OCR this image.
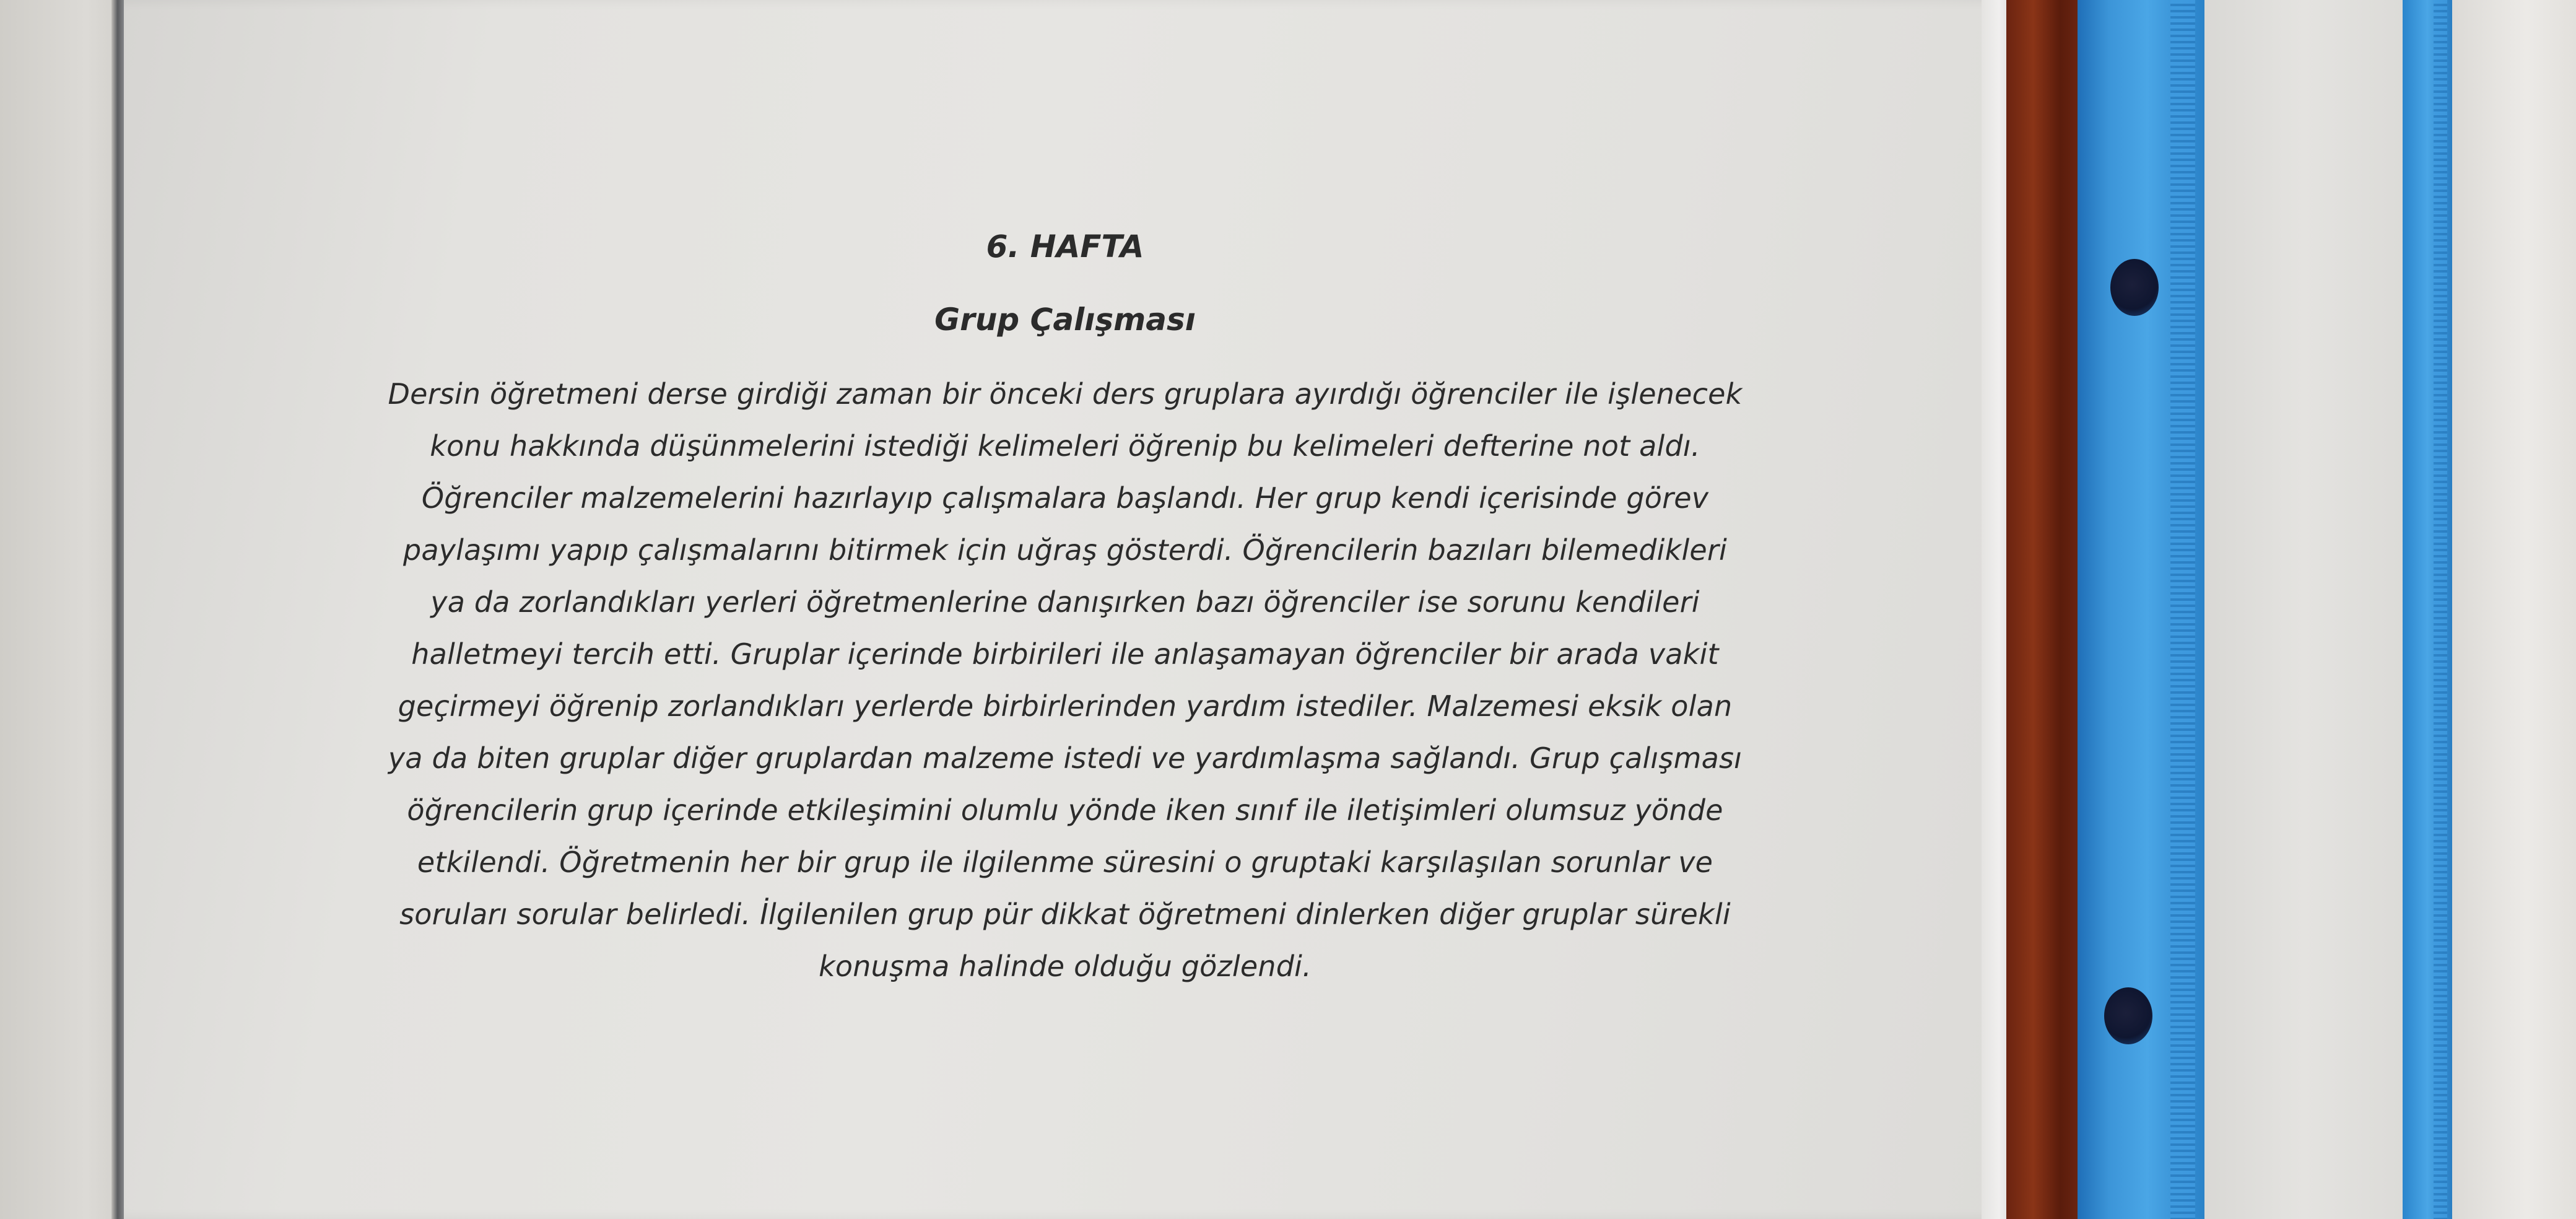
6. HAFTA
Grup Çalışması
Dersin öğretmeni derse girdiği zaman bir önceki ders gruplara ayırdığı öğrenciler ile işlenecek
konu hakkında düşünmelerini istediği kelimeleri öğrenip bu kelimeleri defterine not aldı.
Öğrenciler malzemelerini hazırlayıp çalışmalara başlandı. Her grup kendi içerisinde görev
paylaşımı yapıp çalışmalarını bitirmek için uğraş gösterdi. Öğrencilerin bazıları bilemedikleri
ya da zorlandıkları yerleri öğretmenlerine danışırken bazı öğrenciler ise sorunu kendileri
halletmeyi tercih etti. Gruplar içerinde birbirileri ile anlaşamayan öğrenciler bir arada vakit
geçirmeyi öğrenip zorlandıkları yerlerde birbirlerinden yardım istediler. Malzemesi eksik olan
ya da biten gruplar diğer gruplardan malzeme istedi ve yardımlaşma sağlandı. Grup çalışması
öğrencilerin grup içerinde etkileşimini olumlu yönde iken sınıf ile iletişimleri olumsuz yönde
etkilendi. Öğretmenin her bir grup ile ilgilenme süresini o gruptaki karşılaşılan sorunlar ve
soruları sorular belirledi. İlgilenilen grup pür dikkat öğretmeni dinlerken diğer gruplar sürekli
konuşma halinde olduğu gözlendi.
